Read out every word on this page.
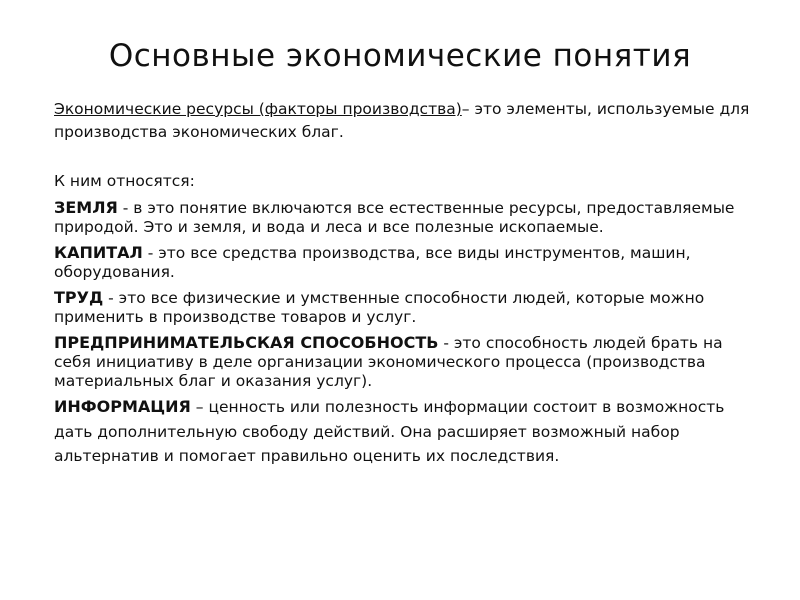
Основные экономические понятия

Экономические ресурсы (факторы производства)– это элементы, используемые для производства экономических благ.

К ним относятся:

ЗЕМЛЯ - в это понятие включаются все естественные ресурсы, предоставляемые природой. Это и земля, и вода и леса и все полезные ископаемые.

КАПИТАЛ - это все средства производства, все виды инструментов, машин, оборудования.

ТРУД - это все физические и умственные способности людей, которые можно применить в производстве товаров и услуг.

ПРЕДПРИНИМАТЕЛЬСКАЯ СПОСОБНОСТЬ - это способность людей брать на себя инициативу в деле организации экономического процесса (производства материальных благ и оказания услуг).

ИНФОРМАЦИЯ – ценность или полезность информации состоит в возможность дать дополнительную свободу действий. Она расширяет возможный набор альтернатив и помогает правильно оценить их последствия.
